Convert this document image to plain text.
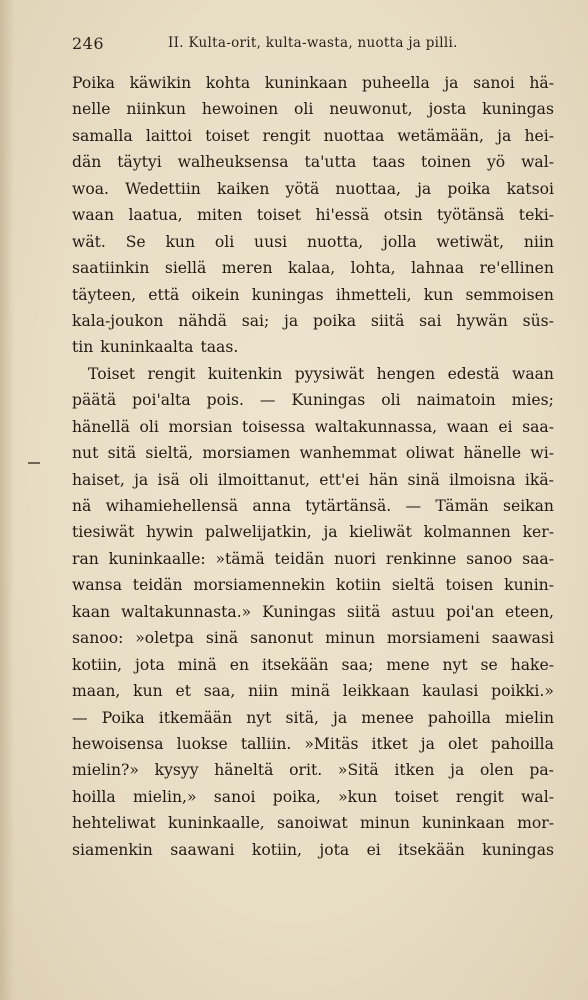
246	II. Kulta-orit, kulta-wasta, nuotta ja pilli.
Poika käwikin kohta kuninkaan puheella ja sanoi hä-
nelle niinkun hewoinen oli neuwonut, josta kuningas
samalla laittoi toiset rengit nuottaa wetämään, ja hei-
dän täytyi walheuksensa ta'utta taas toinen yö wal-
woa. Wedettiin kaiken yötä nuottaa, ja poika katsoi
waan laatua, miten toiset hi'essä otsin työtänsä teki-
wät. Se kun oli uusi nuotta, jolla wetiwät, niin
saatiinkin siellä meren kalaa, lohta, lahnaa re'ellinen
täyteen, että oikein kuningas ihmetteli, kun semmoisen
kala-joukon nähdä sai; ja poika siitä sai hywän süs-
tin kuninkaalta taas.
Toiset rengit kuitenkin pyysiwät hengen edestä waan
päätä poi'alta pois. — Kuningas oli naimatoin mies;
hänellä oli morsian toisessa waltakunnassa, waan ei saa-
nut sitä sieltä, morsiamen wanhemmat oliwat hänelle wi-
haiset, ja isä oli ilmoittanut, ett'ei hän sinä ilmoisna ikä-
nä wihamiehellensä anna tytärtänsä. — Tämän seikan
tiesiwät hywin palwelijatkin, ja kieliwät kolmannen ker-
ran kuninkaalle: »tämä teidän nuori renkinne sanoo saa-
wansa teidän morsiamennekin kotiin sieltä toisen kunin-
kaan waltakunnasta.» Kuningas siitä astuu poi'an eteen,
sanoo: »oletpa sinä sanonut minun morsiameni saawasi
kotiin, jota minä en itsekään saa; mene nyt se hake-
maan, kun et saa, niin minä leikkaan kaulasi poikki.»
— Poika itkemään nyt sitä, ja menee pahoilla mielin
hewoisensa luokse talliin. »Mitäs itket ja olet pahoilla
mielin?» kysyy häneltä orit. »Sitä itken ja olen pa-
hoilla mielin,» sanoi poika, »kun toiset rengit wal-
hehteliwat kuninkaalle, sanoiwat minun kuninkaan mor-
siamenkin saawani kotiin, jota ei itsekään kuningas
